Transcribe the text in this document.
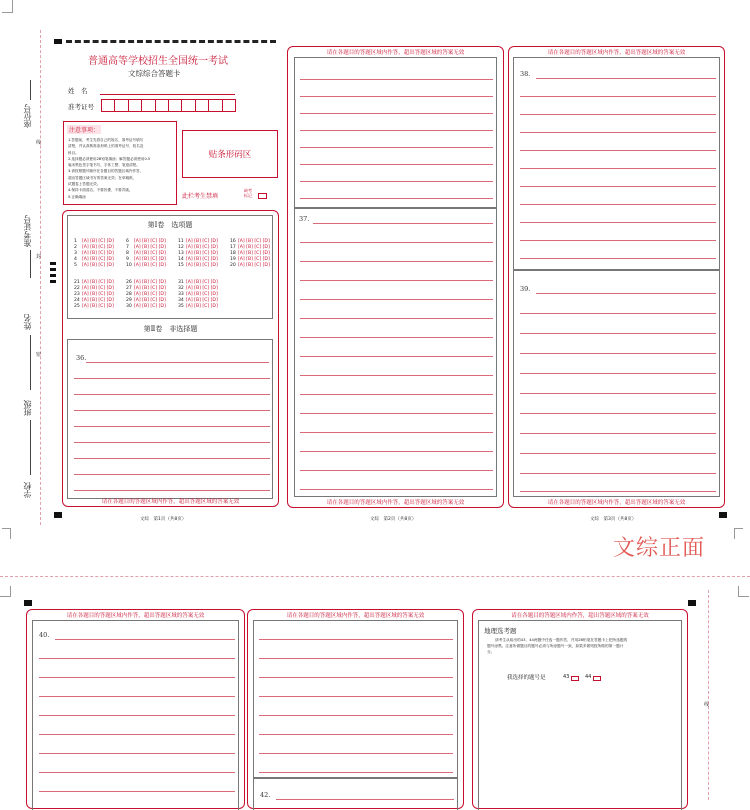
座位号
准考证号
姓名
班级
学校
线
封
密
普通高等学校招生全国统一考试
文综综合答题卡
姓　名
准考证号
注意事项：
1.答题前，考生先将自己的姓名、准考证号填写
清楚，并认真核准条形码上的准考证号、姓名及
科目。
2.选择题必须使用2B铅笔填涂；解答题必须使用0.5
毫米黑色签字笔书写，字体工整、笔迹清楚。
3.请按照题号顺序在各题目的答题区域内作答，
超出答题区域书写的答案无效；在草稿纸、
试题卷上答题无效。
4.保持卡面清洁，不要折叠、不要弄破。
5.正确填涂
贴条形码区
此栏考生禁填
缺考标记
第Ⅰ卷　选项题
1 [A] [B] [C] [D]
2 [A] [B] [C] [D]
3 [A] [B] [C] [D]
4 [A] [B] [C] [D]
5 [A] [B] [C] [D]
6 [A] [B] [C] [D]
7 [A] [B] [C] [D]
8 [A] [B] [C] [D]
9 [A] [B] [C] [D]
10 [A] [B] [C] [D]
11 [A] [B] [C] [D]
12 [A] [B] [C] [D]
13 [A] [B] [C] [D]
14 [A] [B] [C] [D]
15 [A] [B] [C] [D]
16 [A] [B] [C] [D]
17 [A] [B] [C] [D]
18 [A] [B] [C] [D]
19 [A] [B] [C] [D]
20 [A] [B] [C] [D]
21 [A] [B] [C] [D]
22 [A] [B] [C] [D]
23 [A] [B] [C] [D]
24 [A] [B] [C] [D]
25 [A] [B] [C] [D]
26 [A] [B] [C] [D]
27 [A] [B] [C] [D]
28 [A] [B] [C] [D]
29 [A] [B] [C] [D]
30 [A] [B] [C] [D]
31 [A] [B] [C] [D]
32 [A] [B] [C] [D]
33 [A] [B] [C] [D]
34 [A] [B] [C] [D]
35 [A] [B] [C] [D]
第Ⅱ卷　非选择题
36.
请在各题目的答题区域内作答，超出答题区域的答案无效
文综　第1页（共8页）
请在各题目的答题区域内作答，超出答题区域的答案无效
37.
请在各题目的答题区域内作答，超出答题区域的答案无效
文综　第2页（共8页）
请在各题目的答题区域内作答，超出答题区域的答案无效
38.
39.
请在各题目的答题区域内作答，超出答题区域的答案无效
文综　第3页（共8页）
文综正面
线
请在各题目的答题区域内作答，超出答题区域的答案无效
40.
请在各题目的答题区域内作答，超出答题区域的答案无效
42.
请在各题目的答题区域内作答，超出答题区域的答案无效
地理选考题
请考生从给出的43、44两题中任选一题作答，并用2B铅笔在答题卡上把所选题的
题号涂黑。注意所做题目的题号必须与所涂题号一致，如果多做则按所做的第一题计
分。
我选择的题号是	43	44
